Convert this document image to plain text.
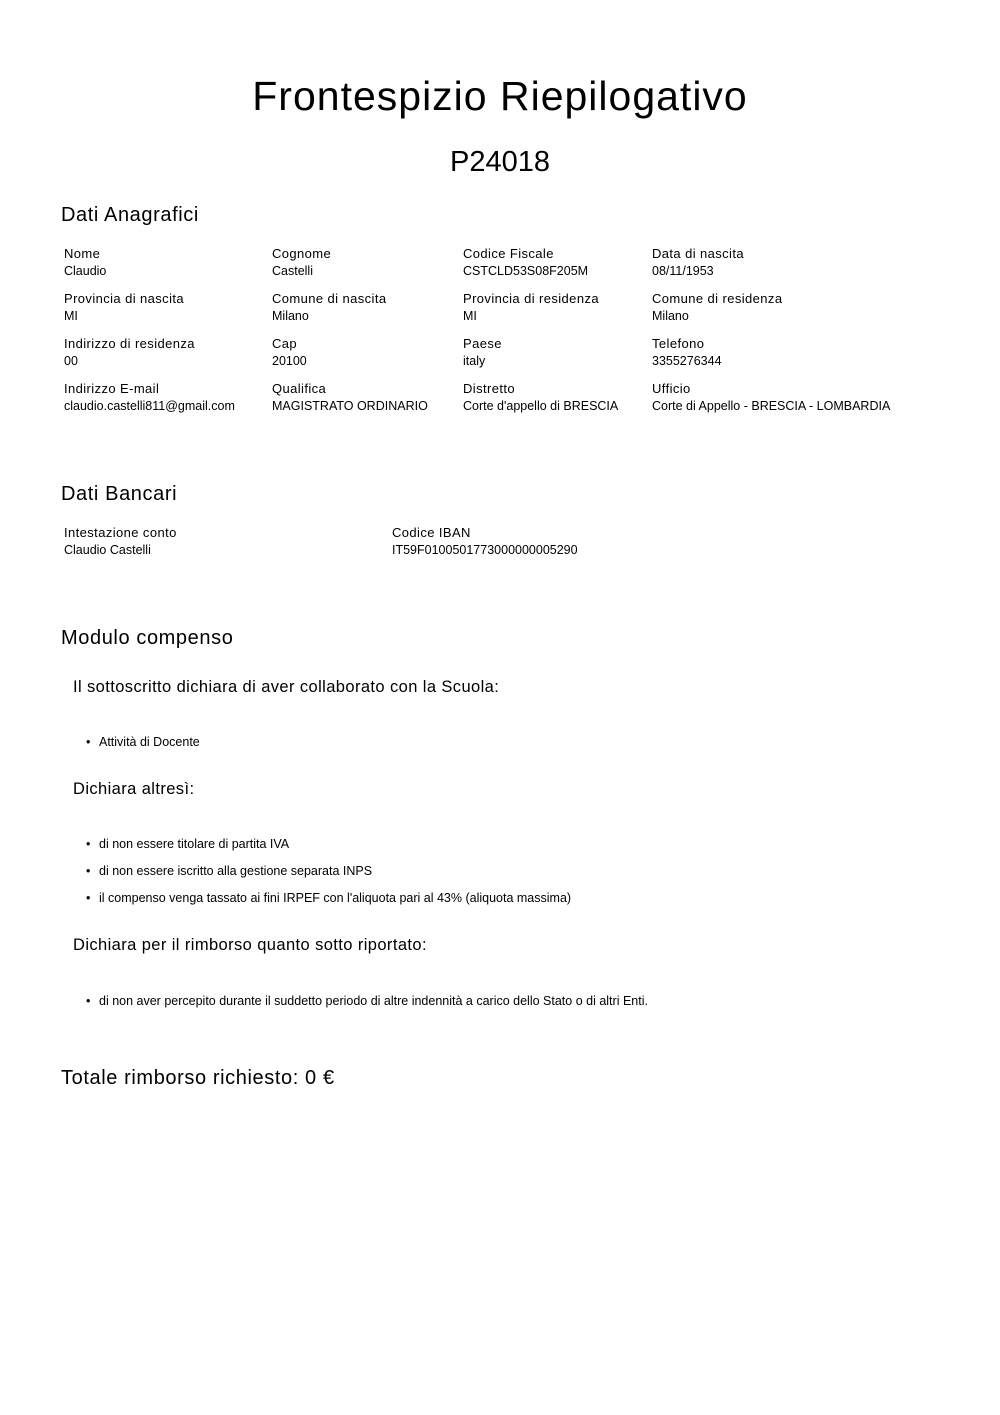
Frontespizio Riepilogativo
P24018
Dati Anagrafici
Nome
Claudio
Cognome
Castelli
Codice Fiscale
CSTCLD53S08F205M
Data di nascita
08/11/1953
Provincia di nascita
MI
Comune di nascita
Milano
Provincia di residenza
MI
Comune di residenza
Milano
Indirizzo di residenza
00
Cap
20100
Paese
italy
Telefono
3355276344
Indirizzo E-mail
claudio.castelli811@gmail.com
Qualifica
MAGISTRATO ORDINARIO
Distretto
Corte d'appello di BRESCIA
Ufficio
Corte di Appello - BRESCIA - LOMBARDIA
Dati Bancari
Intestazione conto
Claudio Castelli
Codice IBAN
IT59F0100501773000000005290
Modulo compenso
Il sottoscritto dichiara di aver collaborato con la Scuola:
• Attività di Docente
Dichiara altresì:
• di non essere titolare di partita IVA
• di non essere iscritto alla gestione separata INPS
• il compenso venga tassato ai fini IRPEF con l'aliquota pari al 43% (aliquota massima)
Dichiara per il rimborso quanto sotto riportato:
• di non aver percepito durante il suddetto periodo di altre indennità a carico dello Stato o di altri Enti.
Totale rimborso richiesto: 0 €
